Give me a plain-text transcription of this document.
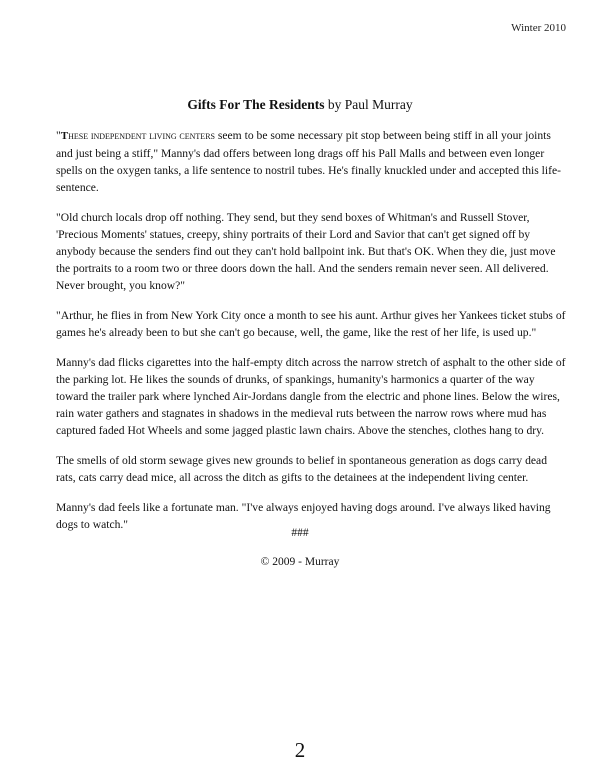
Winter 2010
Gifts For The Residents by Paul Murray

"These independent living centers seem to be some necessary pit stop between being stiff in all your joints and just being a stiff," Manny's dad offers between long drags off his Pall Malls and between even longer spells on the oxygen tanks, a life sentence to nostril tubes. He's finally knuckled under and accepted this life-sentence.

"Old church locals drop off nothing. They send, but they send boxes of Whitman's and Russell Stover, 'Precious Moments' statues, creepy, shiny portraits of their Lord and Savior that can't get signed off by anybody because the senders find out they can't hold ballpoint ink. But that's OK. When they die, just move the portraits to a room two or three doors down the hall. And the senders remain never seen. All delivered. Never brought, you know?"

"Arthur, he flies in from New York City once a month to see his aunt. Arthur gives her Yankees ticket stubs of games he's already been to but she can't go because, well, the game, like the rest of her life, is used up."

Manny's dad flicks cigarettes into the half-empty ditch across the narrow stretch of asphalt to the other side of the parking lot. He likes the sounds of drunks, of spankings, humanity's harmonics a quarter of the way toward the trailer park where lynched Air-Jordans dangle from the electric and phone lines. Below the wires, rain water gathers and stagnates in shadows in the medieval ruts between the narrow rows where mud has captured faded Hot Wheels and some jagged plastic lawn chairs. Above the stenches, clothes hang to dry.

The smells of old storm sewage gives new grounds to belief in spontaneous generation as dogs carry dead rats, cats carry dead mice, all across the ditch as gifts to the detainees at the independent living center.

Manny's dad feels like a fortunate man. "I've always enjoyed having dogs around. I've always liked having dogs to watch."

###
© 2009 - Murray
2
